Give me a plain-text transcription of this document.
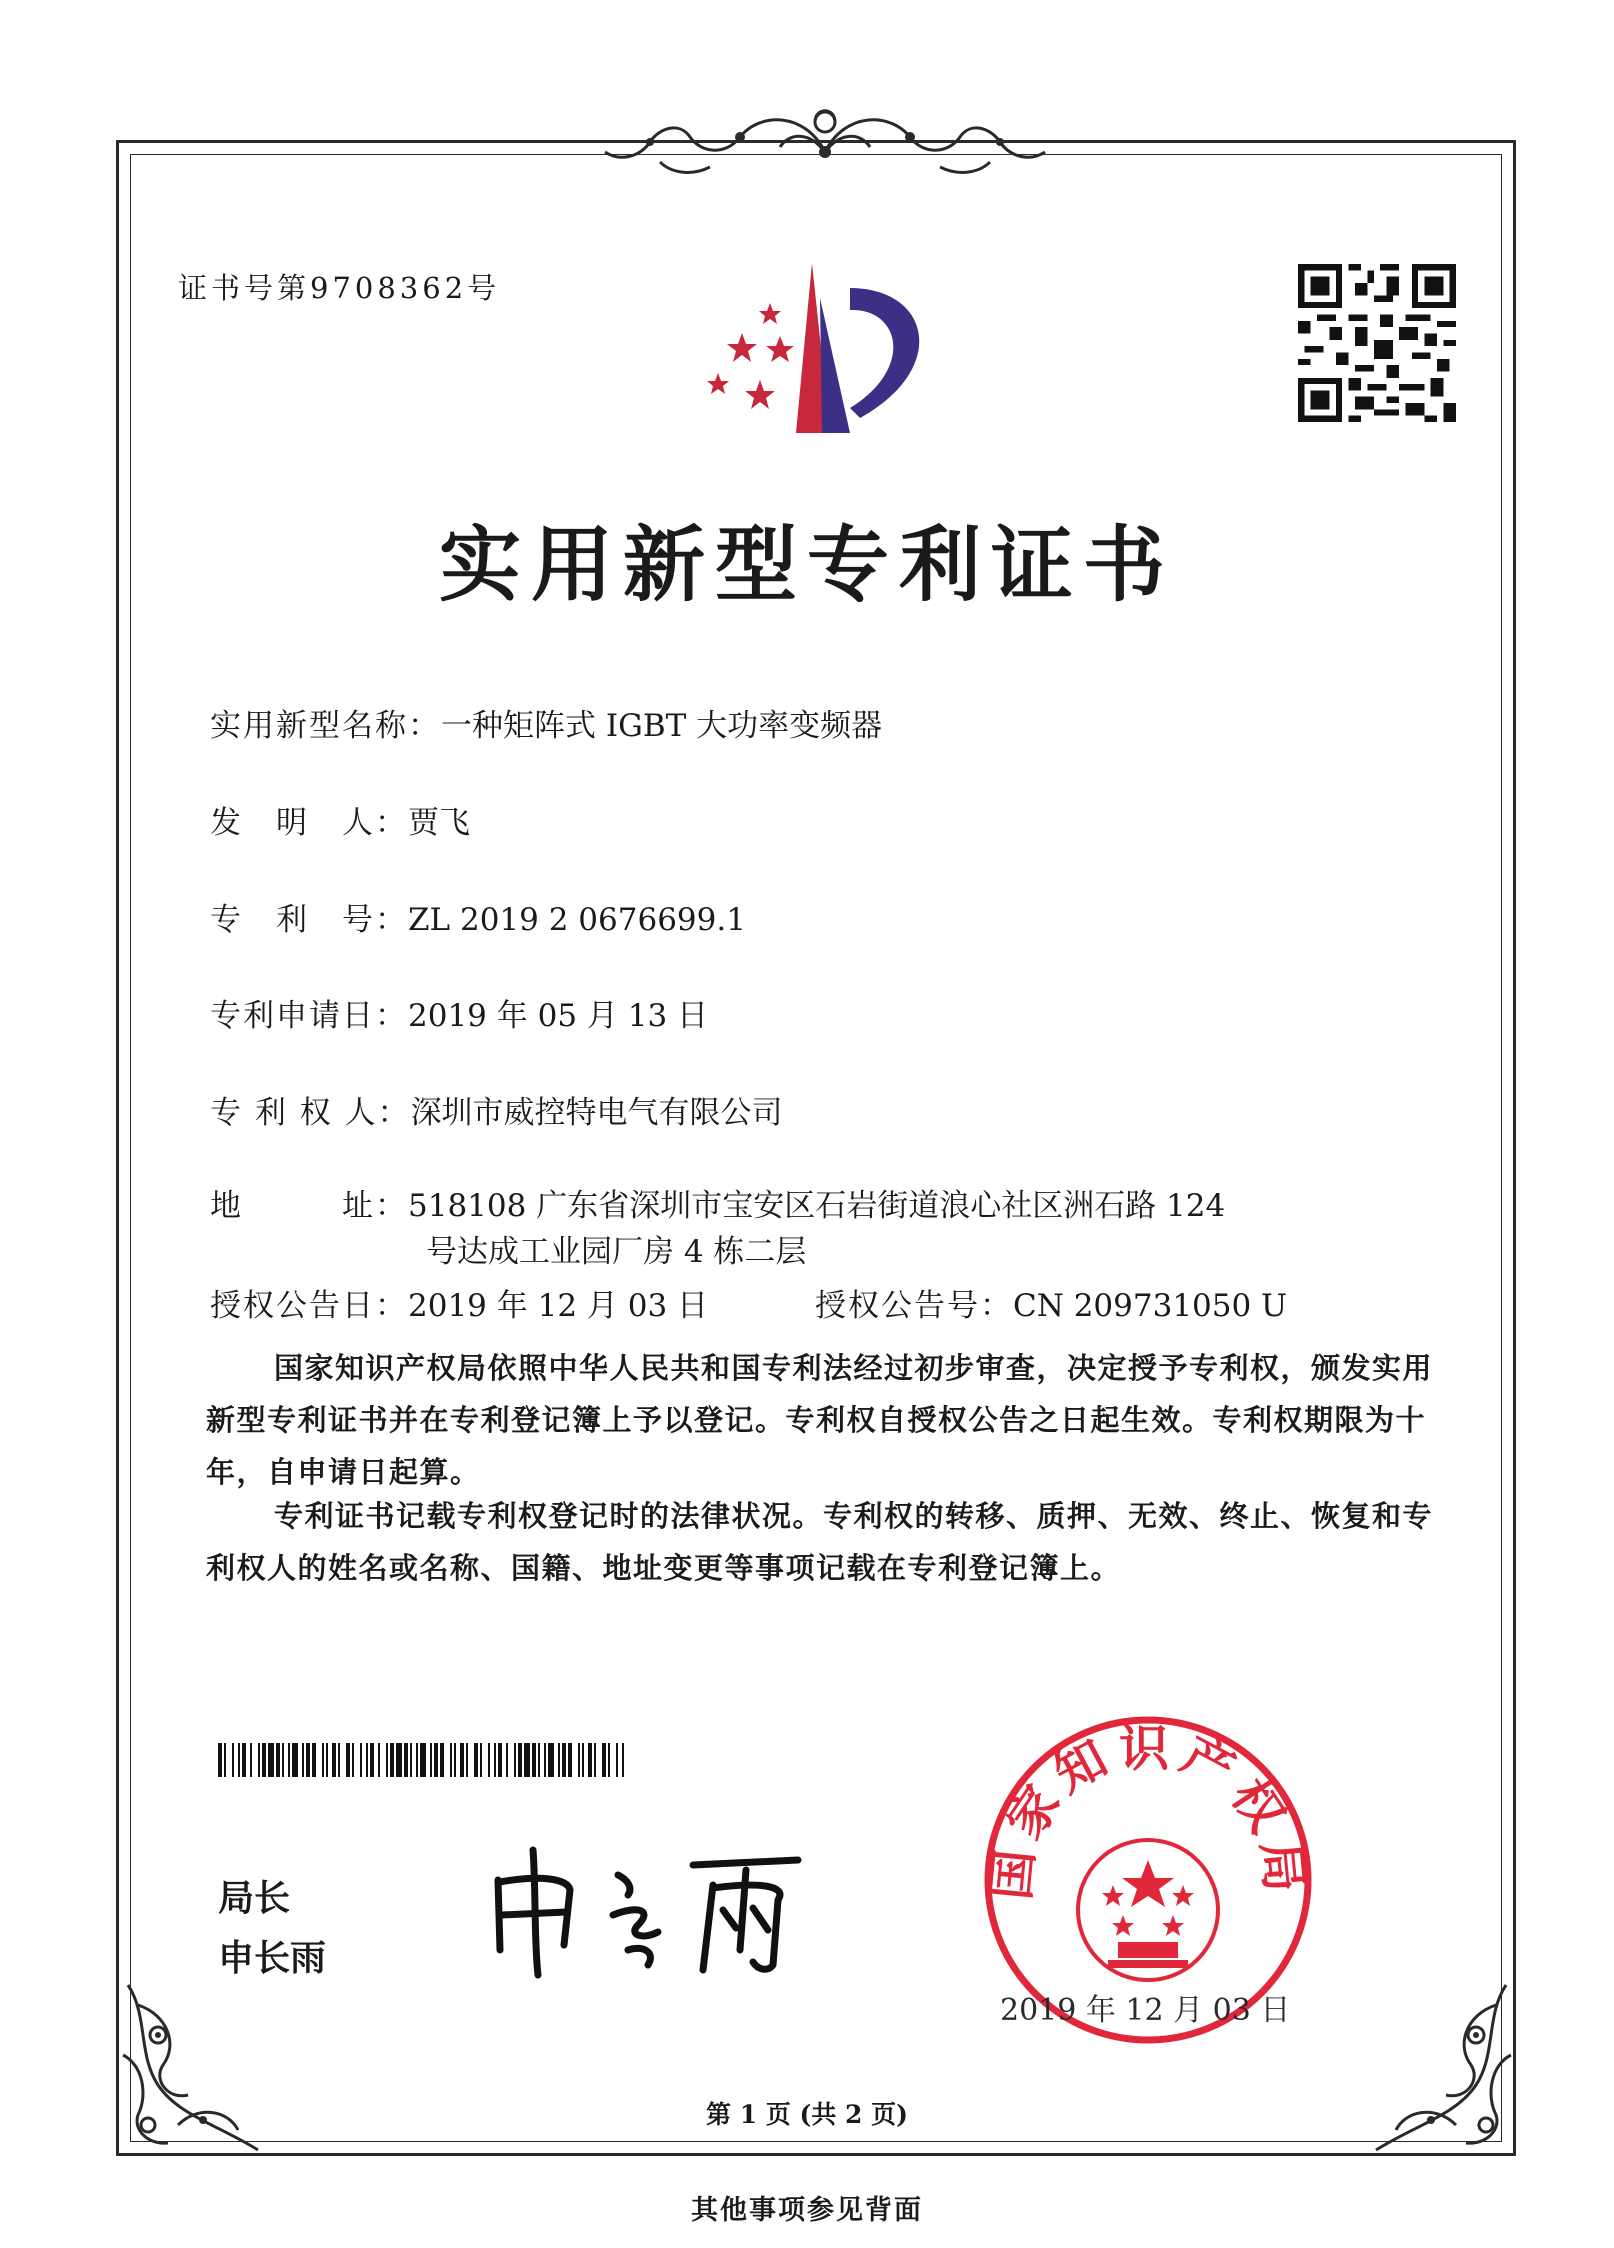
证书号第9708362号
实用新型专利证书
实用新型名称：一种矩阵式 IGBT 大功率变频器
发　明　人：贾飞
专　利　号：ZL 2019 2 0676699.1
专利申请日：2019 年 05 月 13 日
专 利 权 人：深圳市威控特电气有限公司
地　　　址：518108 广东省深圳市宝安区石岩街道浪心社区洲石路 124
号达成工业园厂房 4 栋二层
授权公告日：2019 年 12 月 03 日	授权公告号：CN 209731050 U
国家知识产权局依照中华人民共和国专利法经过初步审查，决定授予专利权，颁发实用新型专利证书并在专利登记簿上予以登记。专利权自授权公告之日起生效。专利权期限为十年，自申请日起算。
专利证书记载专利权登记时的法律状况。专利权的转移、质押、无效、终止、恢复和专利权人的姓名或名称、国籍、地址变更等事项记载在专利登记簿上。
局长
申长雨
国家知识产权局
2019 年 12 月 03 日
第 1 页 (共 2 页)
其他事项参见背面
